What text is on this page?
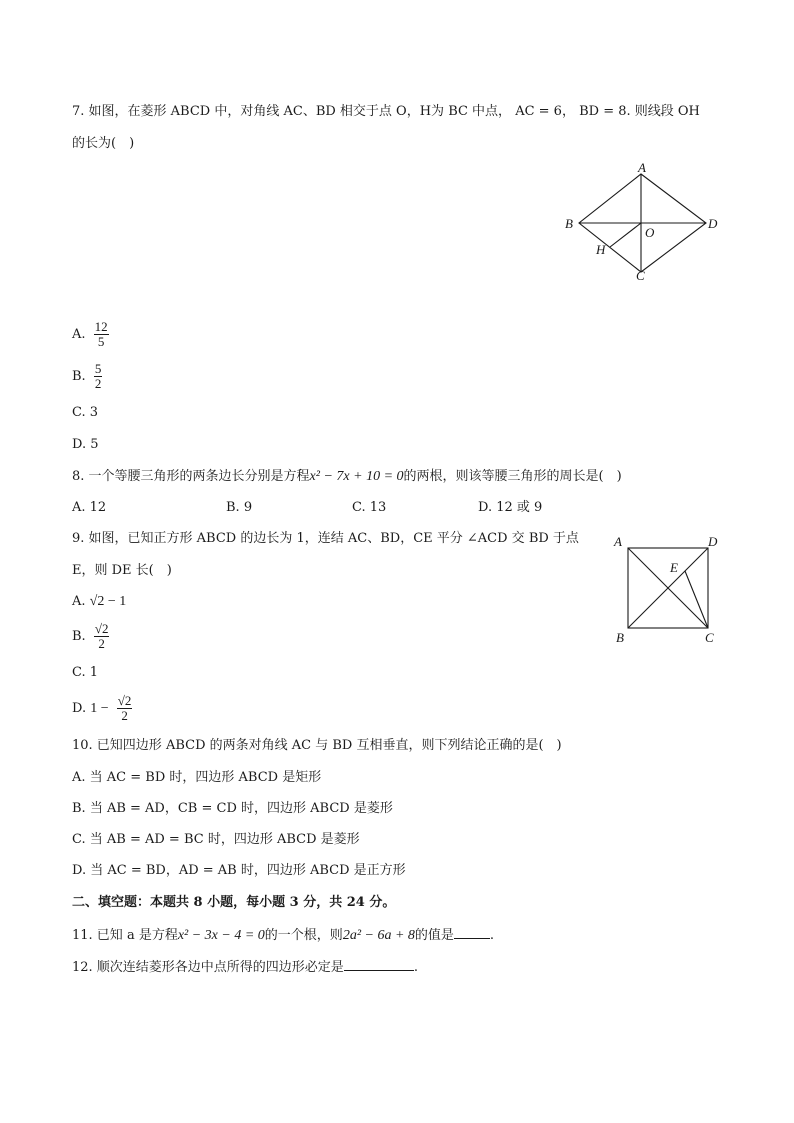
7. 如图，在菱形 ABCD 中，对角线 AC、BD 相交于点 O，H为 BC 中点， AC = 6， BD = 8. 则线段 OH
的长为(　)
A
B
C
D
O
H
A. $\frac{12}{5}$
B. $\frac{5}{2}$
C. 3
D. 5
8. 一个等腰三角形的两条边长分别是方程x² − 7x + 10 = 0的两根，则该等腰三角形的周长是(　)
A. 12	B. 9	C. 13	D. 12 或 9
9. 如图，已知正方形 ABCD 的边长为 1，连结 AC、BD，CE 平分 ∠ACD 交 BD 于点
E，则 DE 长(　)
A	D
B	C
E
A. √2 − 1
B. $\frac{√2}{2}$
C. 1
D. $1 - \frac{√2}{2}$
10. 已知四边形 ABCD 的两条对角线 AC 与 BD 互相垂直，则下列结论正确的是(　)
A. 当 AC = BD 时，四边形 ABCD 是矩形
B. 当 AB = AD，CB = CD 时，四边形 ABCD 是菱形
C. 当 AB = AD = BC 时，四边形 ABCD 是菱形
D. 当 AC = BD，AD = AB 时，四边形 ABCD 是正方形
二、填空题：本题共 8 小题，每小题 3 分，共 24 分。
11. 已知 a 是方程x² − 3x − 4 = 0的一个根，则2a² − 6a + 8的值是	.
12. 顺次连结菱形各边中点所得的四边形必定是	.
